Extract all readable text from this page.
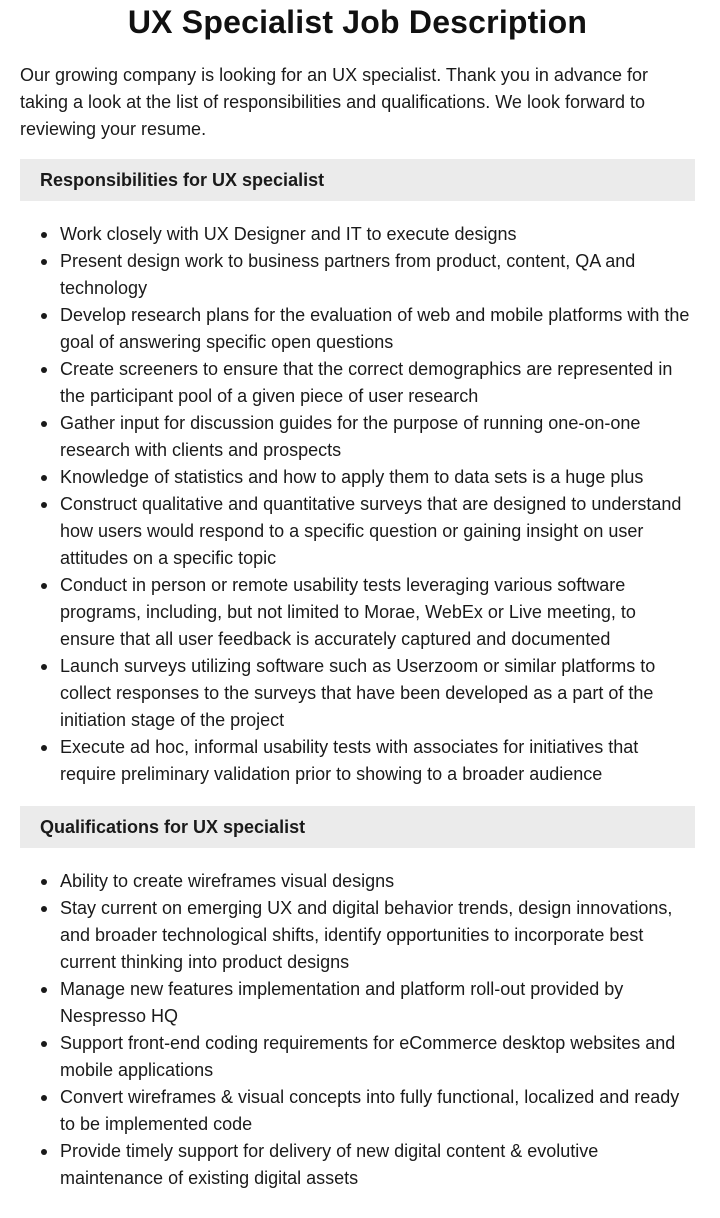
UX Specialist Job Description

Our growing company is looking for an UX specialist. Thank you in advance for taking a look at the list of responsibilities and qualifications. We look forward to reviewing your resume.

Responsibilities for UX specialist
Work closely with UX Designer and IT to execute designs
Present design work to business partners from product, content, QA and technology
Develop research plans for the evaluation of web and mobile platforms with the goal of answering specific open questions
Create screeners to ensure that the correct demographics are represented in the participant pool of a given piece of user research
Gather input for discussion guides for the purpose of running one-on-one research with clients and prospects
Knowledge of statistics and how to apply them to data sets is a huge plus
Construct qualitative and quantitative surveys that are designed to understand how users would respond to a specific question or gaining insight on user attitudes on a specific topic
Conduct in person or remote usability tests leveraging various software programs, including, but not limited to Morae, WebEx or Live meeting, to ensure that all user feedback is accurately captured and documented
Launch surveys utilizing software such as Userzoom or similar platforms to collect responses to the surveys that have been developed as a part of the initiation stage of the project
Execute ad hoc, informal usability tests with associates for initiatives that require preliminary validation prior to showing to a broader audience
Qualifications for UX specialist
Ability to create wireframes visual designs
Stay current on emerging UX and digital behavior trends, design innovations, and broader technological shifts, identify opportunities to incorporate best current thinking into product designs
Manage new features implementation and platform roll-out provided by Nespresso HQ
Support front-end coding requirements for eCommerce desktop websites and mobile applications
Convert wireframes & visual concepts into fully functional, localized and ready to be implemented code
Provide timely support for delivery of new digital content & evolutive maintenance of existing digital assets
